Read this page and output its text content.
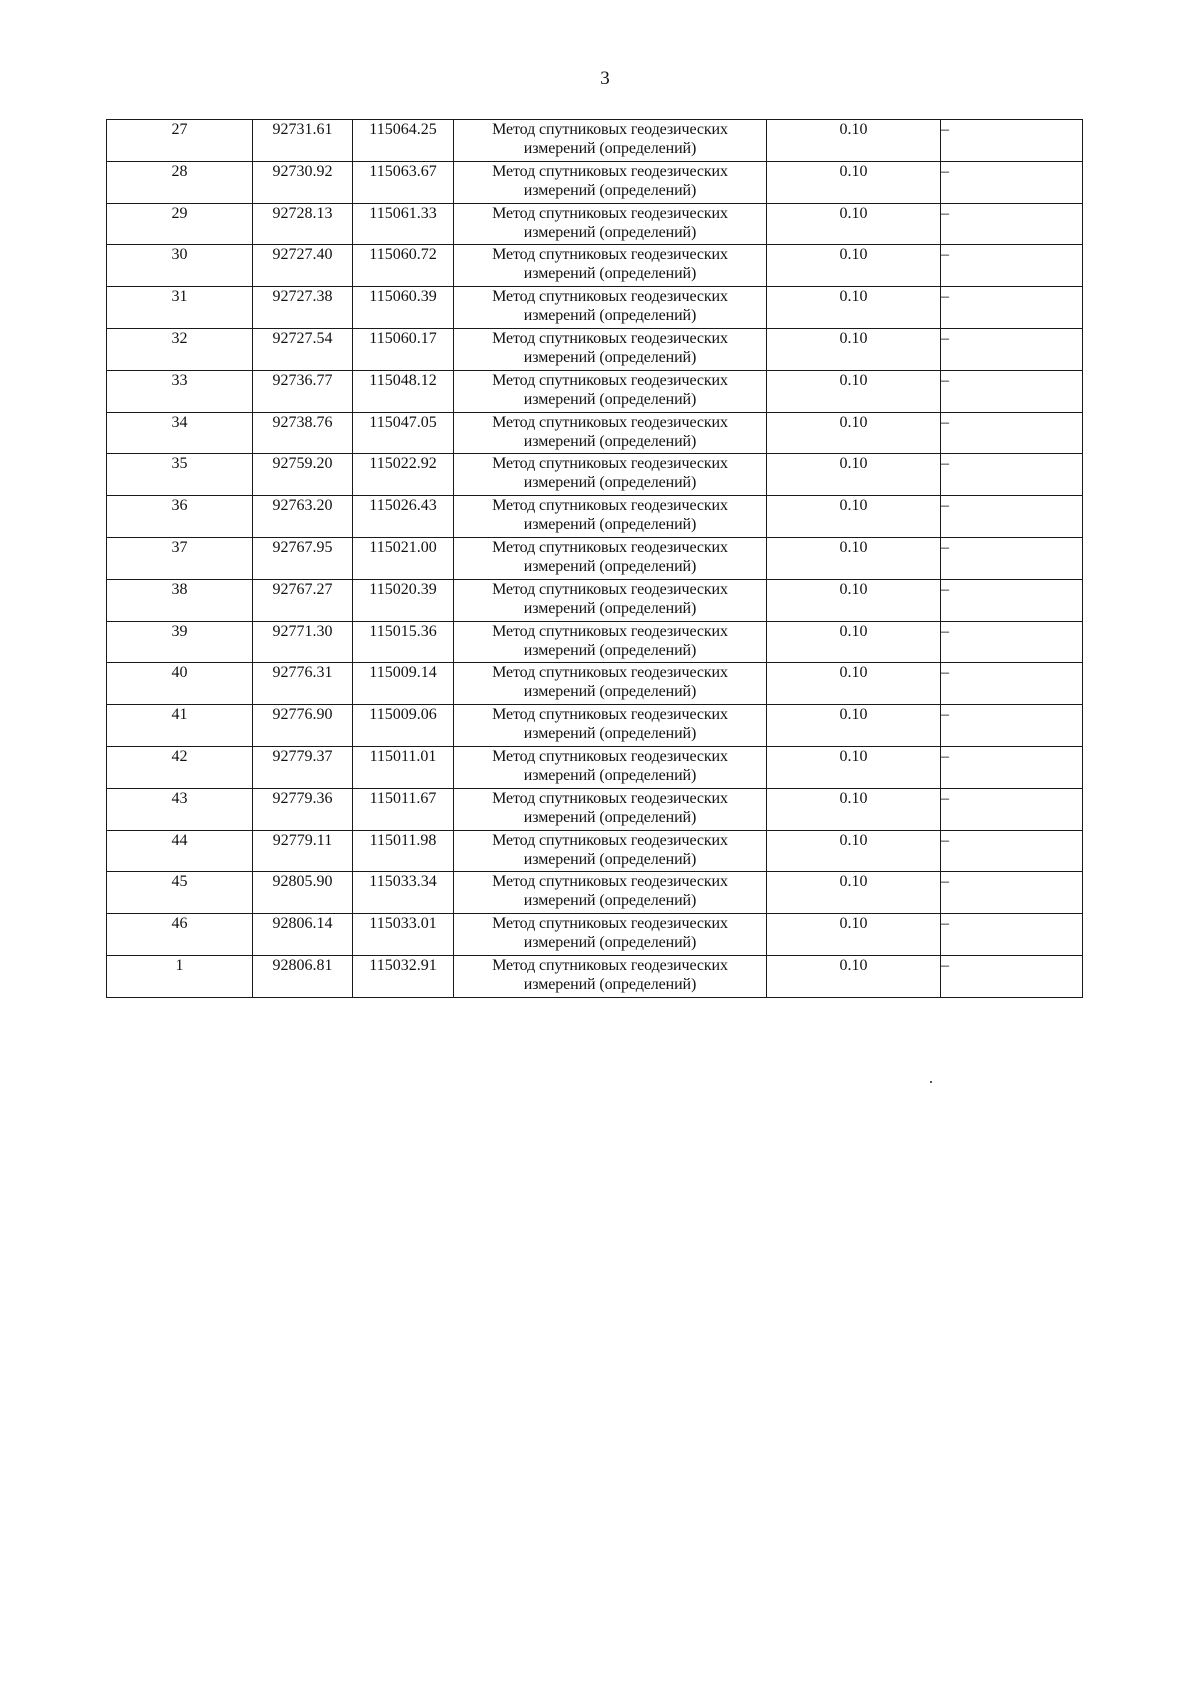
3
27	92731.61	115064.25	Метод спутниковых геодезических
измерений (определений)	0.10	–
28	92730.92	115063.67	Метод спутниковых геодезических
измерений (определений)	0.10	–
29	92728.13	115061.33	Метод спутниковых геодезических
измерений (определений)	0.10	–
30	92727.40	115060.72	Метод спутниковых геодезических
измерений (определений)	0.10	–
31	92727.38	115060.39	Метод спутниковых геодезических
измерений (определений)	0.10	–
32	92727.54	115060.17	Метод спутниковых геодезических
измерений (определений)	0.10	–
33	92736.77	115048.12	Метод спутниковых геодезических
измерений (определений)	0.10	–
34	92738.76	115047.05	Метод спутниковых геодезических
измерений (определений)	0.10	–
35	92759.20	115022.92	Метод спутниковых геодезических
измерений (определений)	0.10	–
36	92763.20	115026.43	Метод спутниковых геодезических
измерений (определений)	0.10	–
37	92767.95	115021.00	Метод спутниковых геодезических
измерений (определений)	0.10	–
38	92767.27	115020.39	Метод спутниковых геодезических
измерений (определений)	0.10	–
39	92771.30	115015.36	Метод спутниковых геодезических
измерений (определений)	0.10	–
40	92776.31	115009.14	Метод спутниковых геодезических
измерений (определений)	0.10	–
41	92776.90	115009.06	Метод спутниковых геодезических
измерений (определений)	0.10	–
42	92779.37	115011.01	Метод спутниковых геодезических
измерений (определений)	0.10	–
43	92779.36	115011.67	Метод спутниковых геодезических
измерений (определений)	0.10	–
44	92779.11	115011.98	Метод спутниковых геодезических
измерений (определений)	0.10	–
45	92805.90	115033.34	Метод спутниковых геодезических
измерений (определений)	0.10	–
46	92806.14	115033.01	Метод спутниковых геодезических
измерений (определений)	0.10	–
1	92806.81	115032.91	Метод спутниковых геодезических
измерений (определений)	0.10	–
